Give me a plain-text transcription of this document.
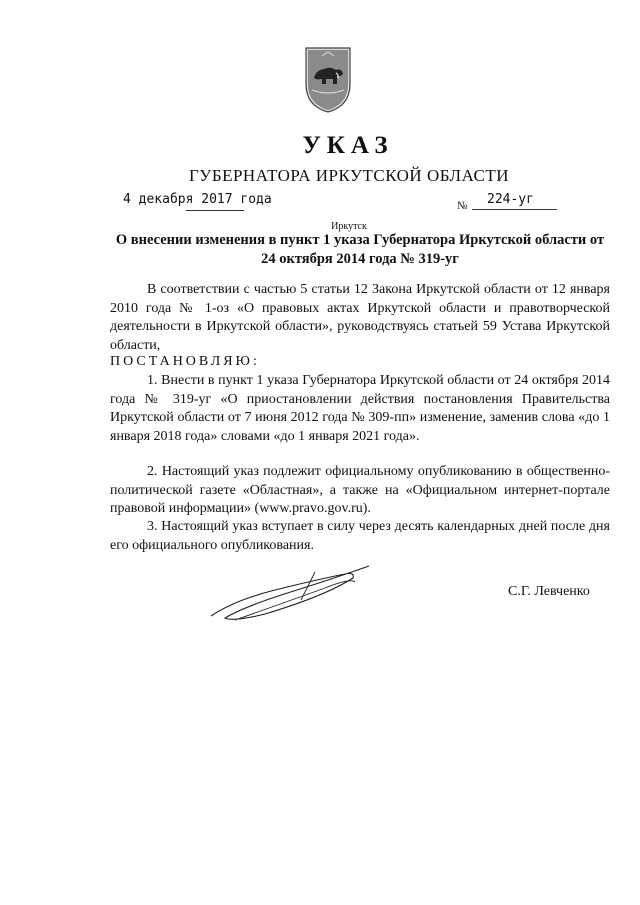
УКАЗ
ГУБЕРНАТОРА ИРКУТСКОЙ ОБЛАСТИ
4 декабря 2017 года	№ 224-уг
Иркутск
О внесении изменения в пункт 1 указа Губернатора Иркутской области от 24 октября 2014 года № 319-уг
В соответствии с частью 5 статьи 12 Закона Иркутской области от 12 января 2010 года № 1-оз «О правовых актах Иркутской области и правотворческой деятельности в Иркутской области», руководствуясь статьей 59 Устава Иркутской области,
ПОСТАНОВЛЯЮ:
1. Внести в пункт 1 указа Губернатора Иркутской области от 24 октября 2014 года № 319-уг «О приостановлении действия постановления Правительства Иркутской области от 7 июня 2012 года № 309-пп» изменение, заменив слова «до 1 января 2018 года» словами «до 1 января 2021 года».
2. Настоящий указ подлежит официальному опубликованию в общественно-политической газете «Областная», а также на «Официальном интернет-портале правовой информации» (www.pravo.gov.ru).
3. Настоящий указ вступает в силу через десять календарных дней после дня его официального опубликования.
С.Г. Левченко
